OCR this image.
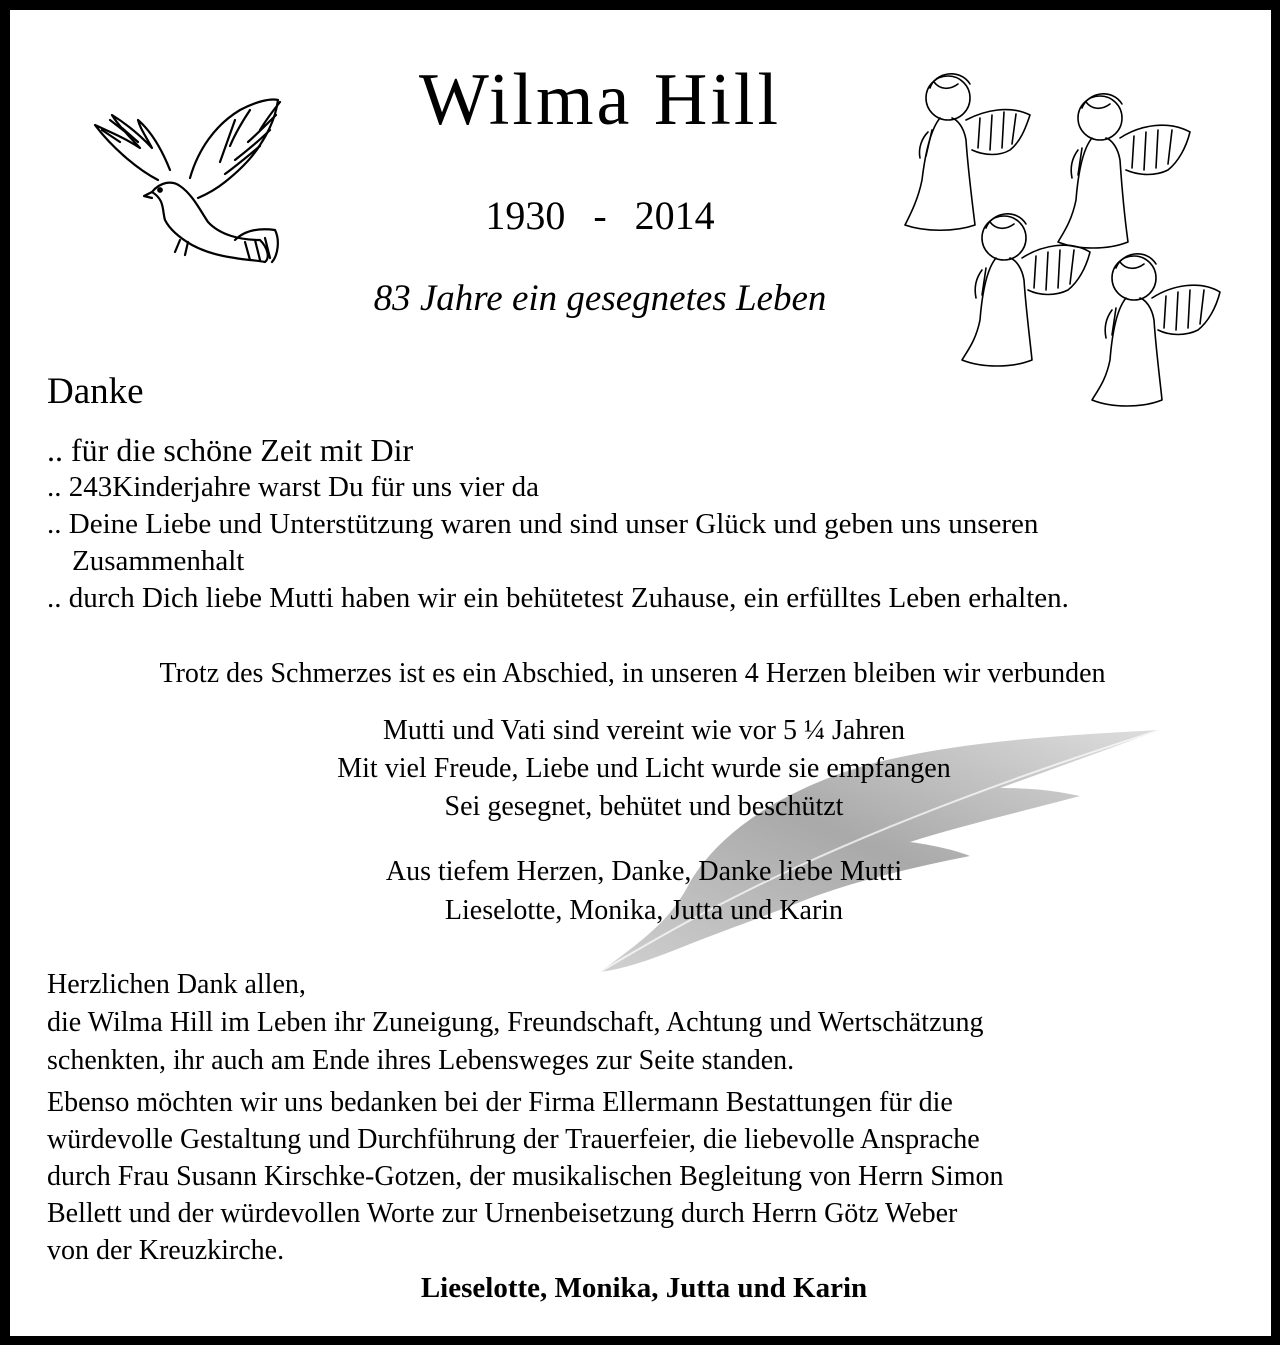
Wilma Hill
1930 - 2014
83 Jahre ein gesegnetes Leben
Danke
.. für die schöne Zeit mit Dir
.. 243Kinderjahre warst Du für uns vier da
.. Deine Liebe und Unterstützung waren und sind unser Glück und geben uns unseren
Zusammenhalt
.. durch Dich liebe Mutti haben wir ein behütetest Zuhause, ein erfülltes Leben erhalten.
Trotz des Schmerzes ist es ein Abschied, in unseren 4 Herzen bleiben wir verbunden
Mutti und Vati sind vereint wie vor 5 ¼ Jahren
Mit viel Freude, Liebe und Licht wurde sie empfangen
Sei gesegnet, behütet und beschützt
Aus tiefem Herzen, Danke, Danke liebe Mutti
Lieselotte, Monika, Jutta und Karin
Herzlichen Dank allen,
die Wilma Hill im Leben ihr Zuneigung, Freundschaft, Achtung und Wertschätzung
schenkten, ihr auch am Ende ihres Lebensweges zur Seite standen.
Ebenso möchten wir uns bedanken bei der Firma Ellermann Bestattungen für die
würdevolle Gestaltung und Durchführung der Trauerfeier, die liebevolle Ansprache
durch Frau Susann Kirschke-Gotzen, der musikalischen Begleitung von Herrn Simon
Bellett und der würdevollen Worte zur Urnenbeisetzung durch Herrn Götz Weber
von der Kreuzkirche.
Lieselotte, Monika, Jutta und Karin
